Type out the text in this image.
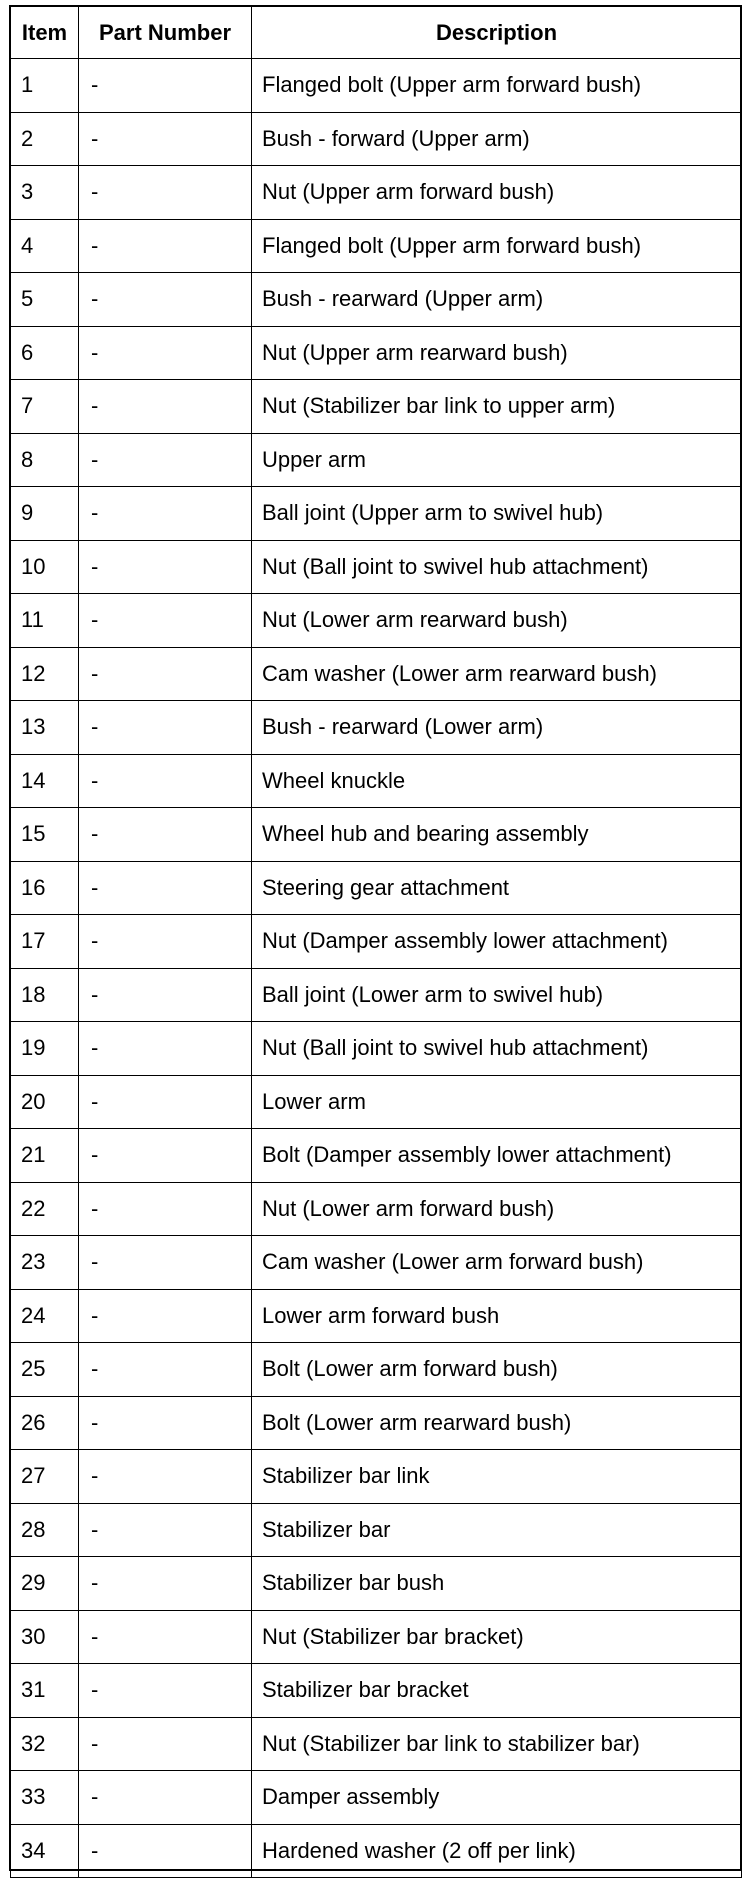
Item	Part Number	Description
1	-	Flanged bolt (Upper arm forward bush)
2	-	Bush - forward (Upper arm)
3	-	Nut (Upper arm forward bush)
4	-	Flanged bolt (Upper arm forward bush)
5	-	Bush - rearward (Upper arm)
6	-	Nut (Upper arm rearward bush)
7	-	Nut (Stabilizer bar link to upper arm)
8	-	Upper arm
9	-	Ball joint (Upper arm to swivel hub)
10	-	Nut (Ball joint to swivel hub attachment)
11	-	Nut (Lower arm rearward bush)
12	-	Cam washer (Lower arm rearward bush)
13	-	Bush - rearward (Lower arm)
14	-	Wheel knuckle
15	-	Wheel hub and bearing assembly
16	-	Steering gear attachment
17	-	Nut (Damper assembly lower attachment)
18	-	Ball joint (Lower arm to swivel hub)
19	-	Nut (Ball joint to swivel hub attachment)
20	-	Lower arm
21	-	Bolt (Damper assembly lower attachment)
22	-	Nut (Lower arm forward bush)
23	-	Cam washer (Lower arm forward bush)
24	-	Lower arm forward bush
25	-	Bolt (Lower arm forward bush)
26	-	Bolt (Lower arm rearward bush)
27	-	Stabilizer bar link
28	-	Stabilizer bar
29	-	Stabilizer bar bush
30	-	Nut (Stabilizer bar bracket)
31	-	Stabilizer bar bracket
32	-	Nut (Stabilizer bar link to stabilizer bar)
33	-	Damper assembly
34	-	Hardened washer (2 off per link)
